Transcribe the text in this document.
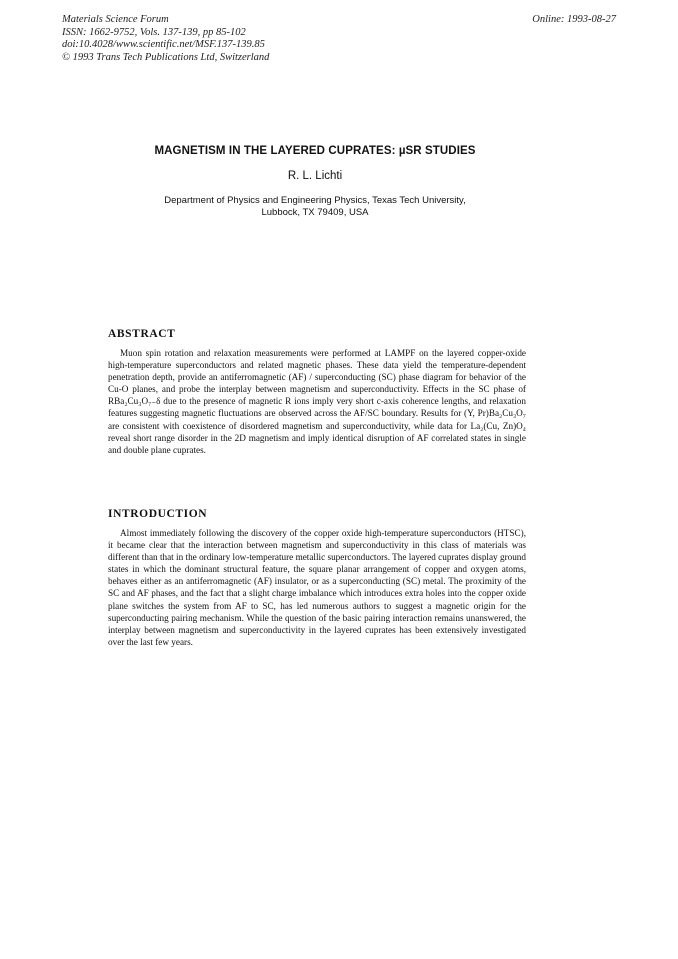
Materials Science Forum
ISSN: 1662-9752, Vols. 137-139, pp 85-102
doi:10.4028/www.scientific.net/MSF.137-139.85
© 1993 Trans Tech Publications Ltd, Switzerland
Online: 1993-08-27
MAGNETISM IN THE LAYERED CUPRATES: µSR STUDIES
R. L. Lichti
Department of Physics and Engineering Physics, Texas Tech University,
Lubbock, TX 79409, USA
ABSTRACT

Muon spin rotation and relaxation measurements were performed at LAMPF on the layered copper-oxide high-temperature superconductors and related magnetic phases. These data yield the temperature-dependent penetration depth, provide an antiferromagnetic (AF) / superconducting (SC) phase diagram for behavior of the Cu-O planes, and probe the interplay between magnetism and superconductivity. Effects in the SC phase of RBa₂Cu₃O₇₋δ due to the presence of magnetic R ions imply very short c-axis coherence lengths, and relaxation features suggesting magnetic fluctuations are observed across the AF/SC boundary. Results for (Y, Pr)Ba₂Cu₃O₇ are consistent with coexistence of disordered magnetism and superconductivity, while data for La₂(Cu, Zn)O₄ reveal short range disorder in the 2D magnetism and imply identical disruption of AF correlated states in single and double plane cuprates.

INTRODUCTION

Almost immediately following the discovery of the copper oxide high-temperature superconductors (HTSC), it became clear that the interaction between magnetism and superconductivity in this class of materials was different than that in the ordinary low-temperature metallic superconductors. The layered cuprates display ground states in which the dominant structural feature, the square planar arrangement of copper and oxygen atoms, behaves either as an antiferromagnetic (AF) insulator, or as a superconducting (SC) metal. The proximity of the SC and AF phases, and the fact that a slight charge imbalance which introduces extra holes into the copper oxide plane switches the system from AF to SC, has led numerous authors to suggest a magnetic origin for the superconducting pairing mechanism. While the question of the basic pairing interaction remains unanswered, the interplay between magnetism and superconductivity in the layered cuprates has been extensively investigated over the last few years.
